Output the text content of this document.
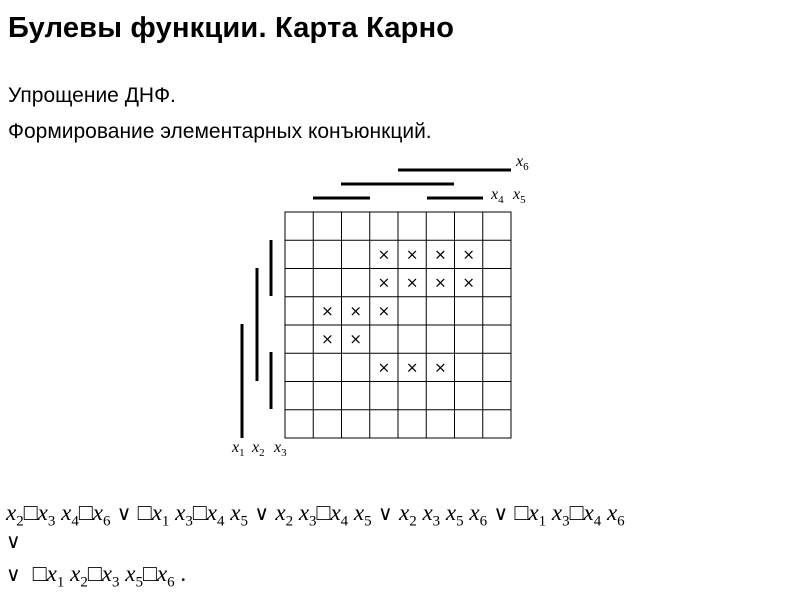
Булевы функции. Карта Карно
Упрощение ДНФ.
Формирование элементарных конъюнкций.
× × × ×
× × × ×
× × ×
× ×
× × ×
$x_6$
$x_4$ $x_5$
$x_1$ $x_2$ $x_3$
$x_2□x_3$ $x_4□x_6$ ∨ $□x_1$ $x_3□x_4$ $x_5$ ∨ $x_2$ $x_3□x_4$ $x_5$ ∨ $x_2$ $x_3$ $x_5$ $x_6$ ∨ $□x_1$ $x_3□x_4$ $x_6$
∨
∨  $□x_1$ $x_2□x_3$ $x_5□x_6$ .
